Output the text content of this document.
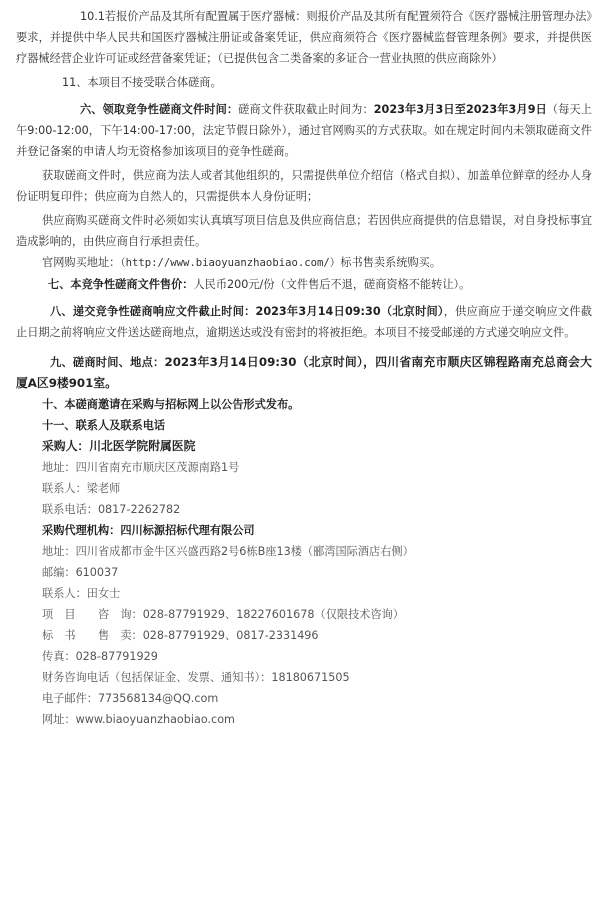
10.1若报价产品及其所有配置属于医疗器械：则报价产品及其所有配置须符合《医疗器械注册管理办法》要求，并提供中华人民共和国医疗器械注册证或备案凭证，供应商须符合《医疗器械监督管理条例》要求，并提供医疗器械经营企业许可证或经营备案凭证；（已提供包含二类备案的多证合一营业执照的供应商除外）

11、本项目不接受联合体磋商。

六、领取竞争性磋商文件时间：磋商文件获取截止时间为：2023年3月3日至2023年3月9日（每天上午9:00-12:00，下午14:00-17:00，法定节假日除外），通过官网购买的方式获取。如在规定时间内未领取磋商文件并登记备案的申请人均无资格参加该项目的竞争性磋商。

获取磋商文件时，供应商为法人或者其他组织的，只需提供单位介绍信（格式自拟）、加盖单位鲜章的经办人身份证明复印件；供应商为自然人的，只需提供本人身份证明；

供应商购买磋商文件时必须如实认真填写项目信息及供应商信息；若因供应商提供的信息错误，对自身投标事宜造成影响的，由供应商自行承担责任。

官网购买地址：（http://www.biaoyuanzhaobiao.com/）标书售卖系统购买。

七、本竞争性磋商文件售价：人民币200元/份（文件售后不退，磋商资格不能转让）。

八、递交竞争性磋商响应文件截止时间：2023年3月14日09:30（北京时间），供应商应于递交响应文件截止日期之前将响应文件送达磋商地点，逾期送达或没有密封的将被拒绝。本项目不接受邮递的方式递交响应文件。

九、磋商时间、地点：2023年3月14日09:30（北京时间），四川省南充市顺庆区锦程路南充总商会大厦A区9楼901室。

十、本磋商邀请在采购与招标网上以公告形式发布。

十一、联系人及联系电话

采购人：川北医学院附属医院

地址：四川省南充市顺庆区茂源南路1号

联系人：梁老师

联系电话：0817-2262782

采购代理机构：四川标源招标代理有限公司

地址：四川省成都市金牛区兴盛西路2号6栋B座13楼（郦湾国际酒店右侧）

邮编：610037

联系人：田女士

项　目　　咨　询：028-87791929、18227601678（仅限技术咨询）

标　书　　售　卖：028-87791929、0817-2331496

传真：028-87791929

财务咨询电话（包括保证金、发票、通知书）：18180671505

电子邮件：773568134@QQ.com

网址：www.biaoyuanzhaobiao.com
